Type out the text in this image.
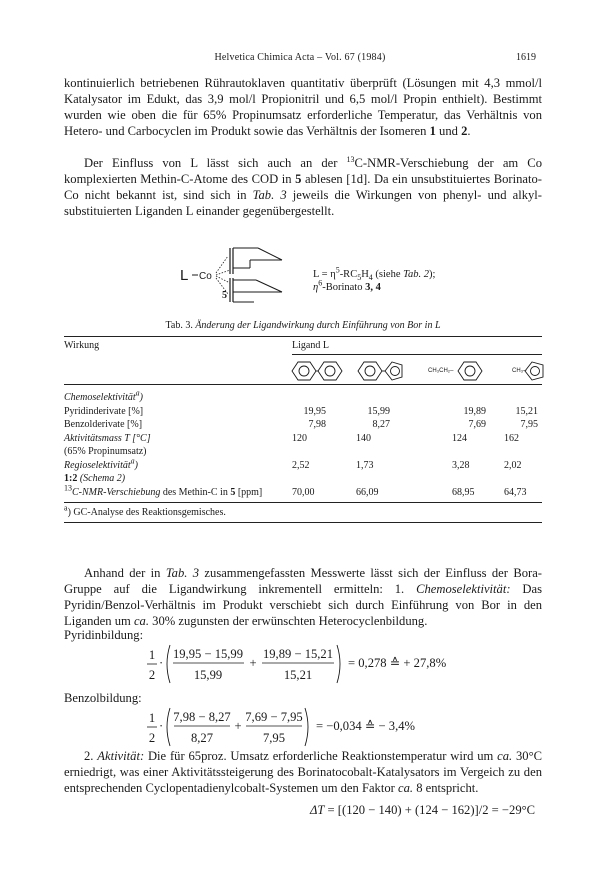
Helvetica Chimica Acta – Vol. 67 (1984)	1619

kontinuierlich betriebenen Rührautoklaven quantitativ überprüft (Lösungen mit 4,3 mmol/l Katalysator im Edukt, das 3,9 mol/l Propionitril und 6,5 mol/l Propin enthielt). Bestimmt wurden wie oben die für 65% Propinumsatz erforderliche Temperatur, das Verhältnis von Hetero- und Carbocyclen im Produkt sowie das Verhältnis der Isomeren 1 und 2.

Der Einfluss von L lässt sich auch an der $^{13}$C-NMR-Verschiebung der am Co komplexierten Methin-C-Atome des COD in 5 ablesen [1d]. Da ein unsubstituiertes Borinato-Co nicht bekannt ist, sind sich in Tab. 3 jeweils die Wirkungen von phenyl- und alkyl-substituierten Liganden L einander gegenübergestellt.

L Co
5
$L = \eta^5-RC_5H_4$ (siehe Tab. 2);
$\eta^6$-Borinato 3, 4
Tab. 3. Änderung der Ligandwirkung durch Einführung von Bor in L
Wirkung	Ligand L
CH₃CH₂–	CH₃–
Chemoselektivität$^a$)
Pyridinderivate [%]	19,95	15,99	19,89	15,21
Benzolderivate [%]	7,98	8,27	7,69	7,95
Aktivitätsmass T [°C]	120	140	124	162
(65% Propinumsatz)
Regioselektivität$^a$)	2,52	1,73	3,28	2,02
1:2 (Schema 2)
$^{13}$C-NMR-Verschiebung des Methin-C in 5 [ppm]	70,00	66,09	68,95	64,73
$^a$) GC-Analyse des Reaktionsgemisches.

Anhand der in Tab. 3 zusammengefassten Messwerte lässt sich der Einfluss der Bora-Gruppe auf die Ligandwirkung inkrementell ermitteln: 1. Chemoselektivität: Das Pyridin/Benzol-Verhältnis im Produkt verschiebt sich durch Einführung von Bor in den Liganden um ca. 30% zugunsten der erwünschten Heterocyclenbildung.

Pyridinbildung:
1
2
·
19,95 − 15,99
15,99
+
19,89 − 15,21
15,21
= 0,278 ≙ + 27,8%
Benzolbildung:
1
2
·
7,98 − 8,27
8,27
+
7,69 − 7,95
7,95
= −0,034 ≙ − 3,4%

2. Aktivität: Die für 65proz. Umsatz erforderliche Reaktionstemperatur wird um ca. 30°C erniedrigt, was einer Aktivitätssteigerung des Borinatocobalt-Katalysators im Vergeich zu den entsprechenden Cyclopentadienylcobalt-Systemen um den Faktor ca. 8 entspricht.

ΔT = [(120 − 140) + (124 − 162)]/2 = −29°C
